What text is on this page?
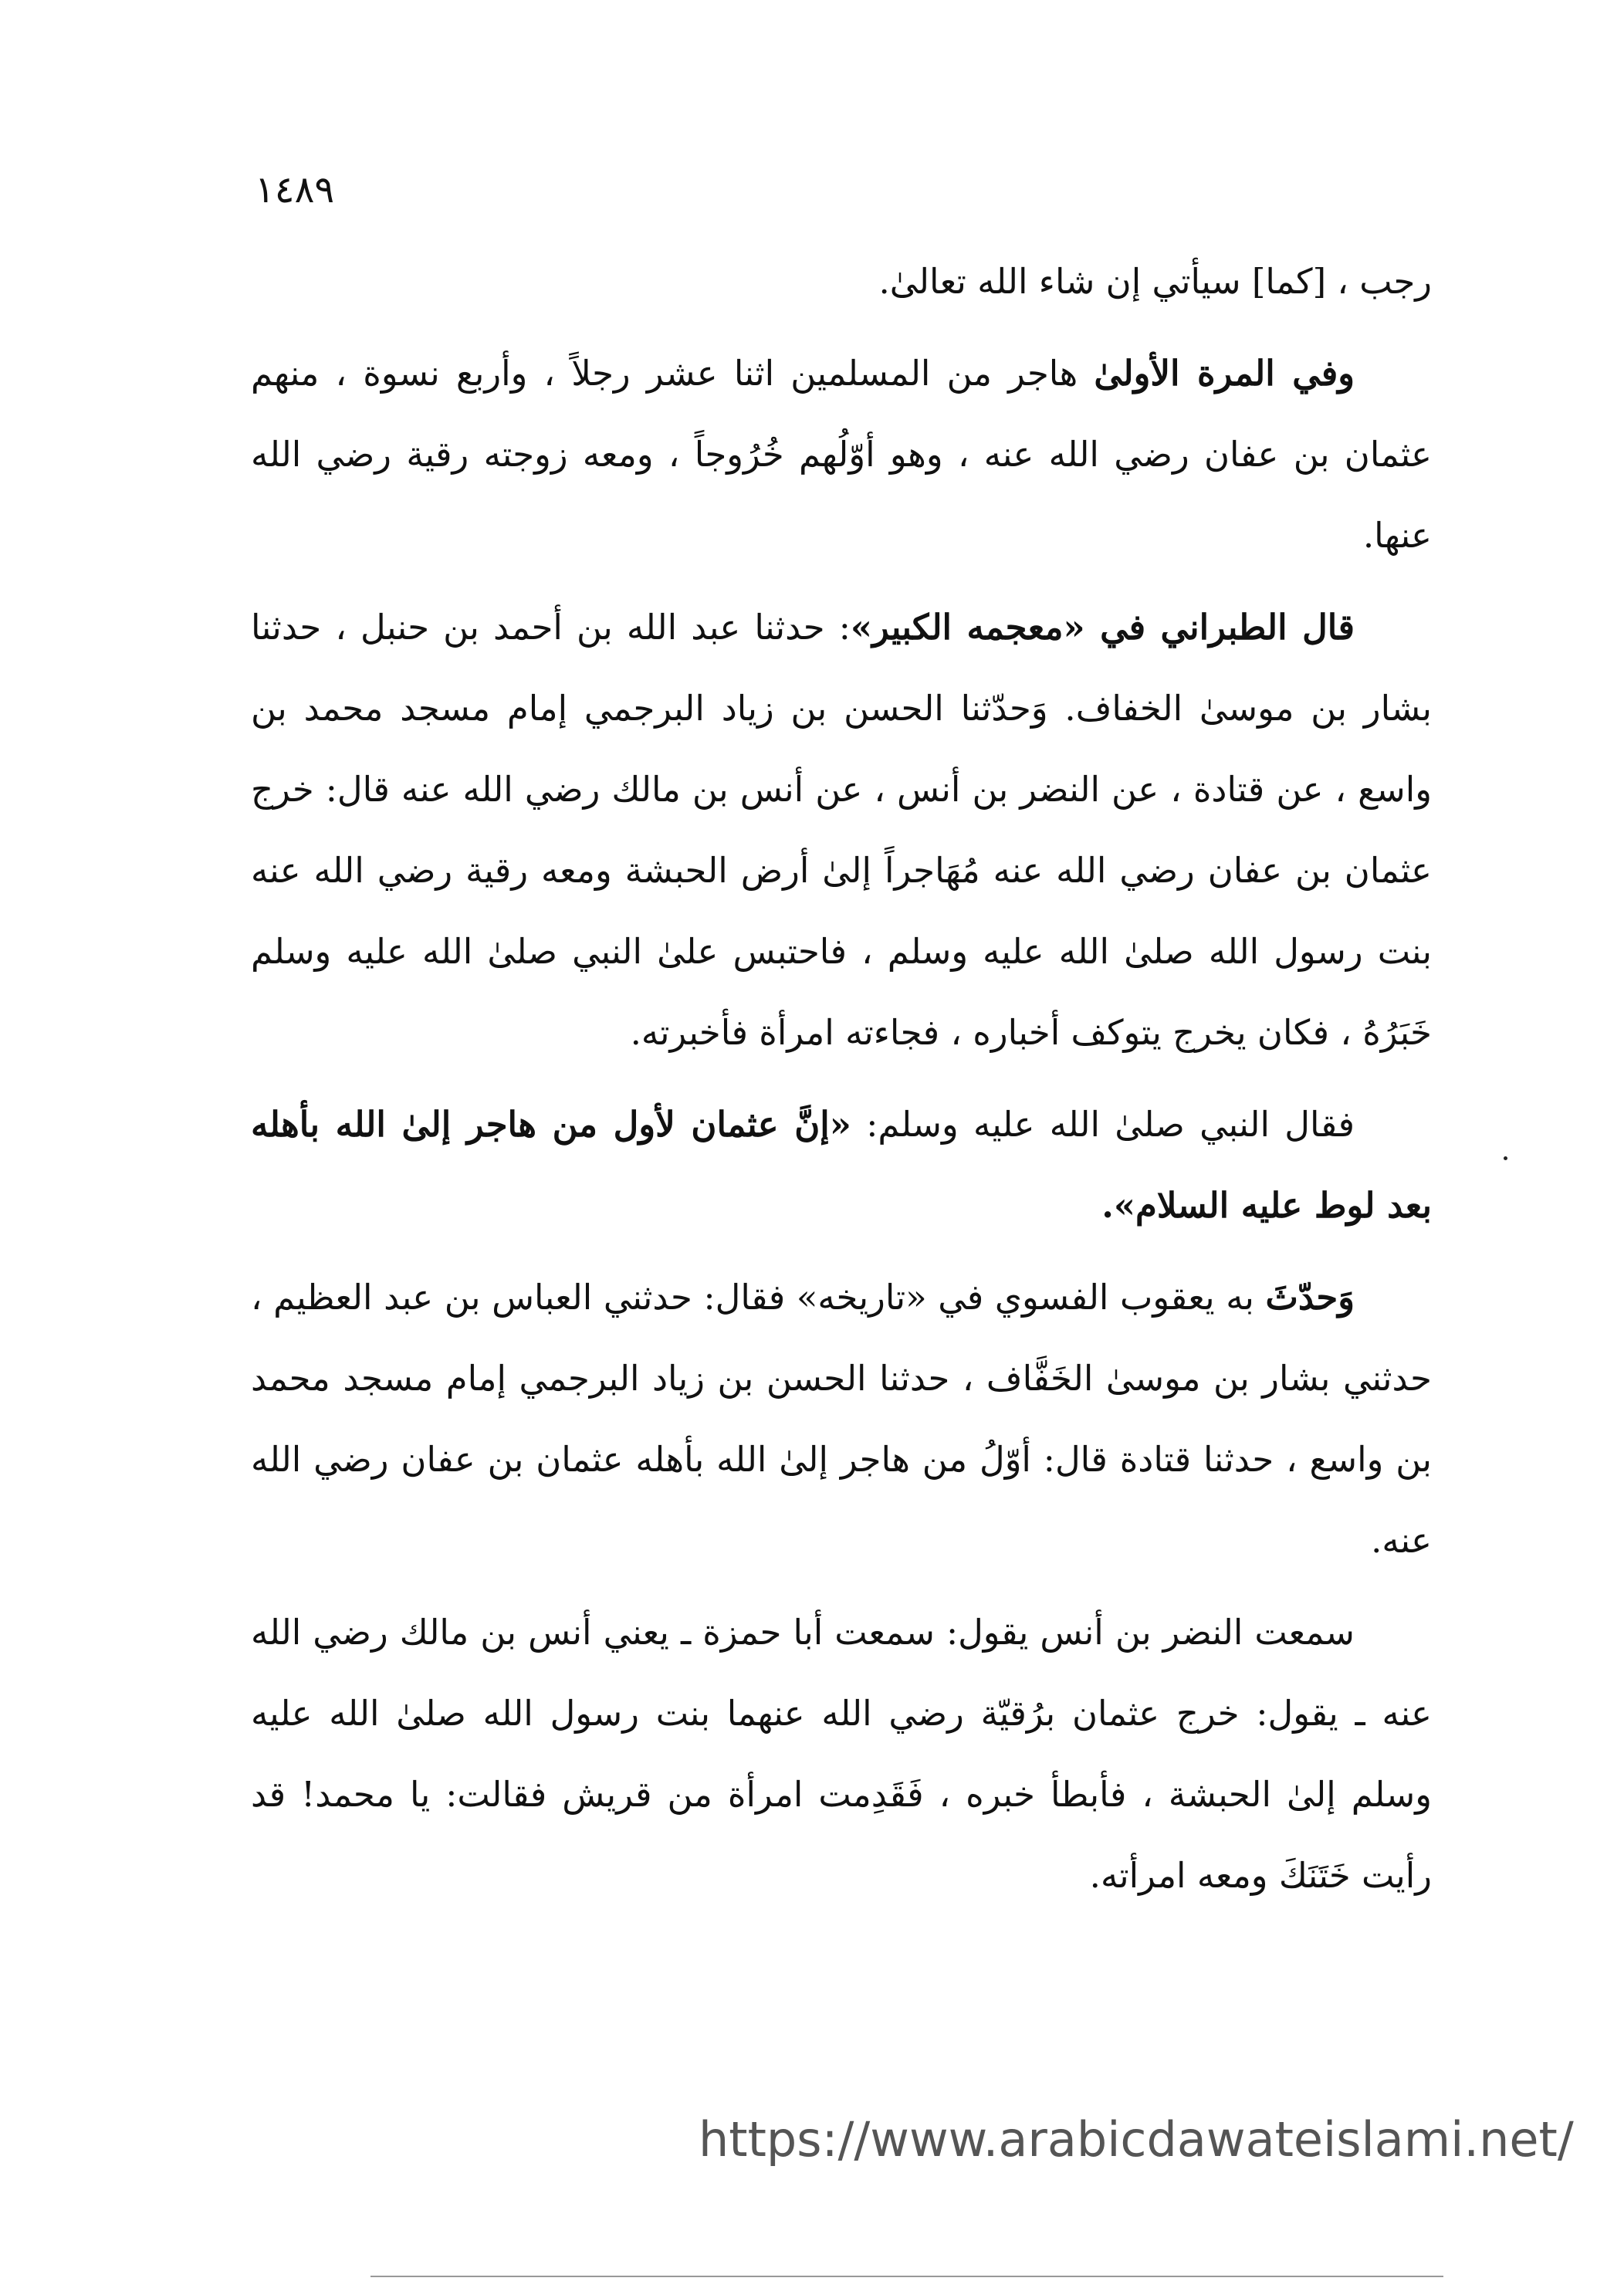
١٤٨٩

رجب ، [كما] سيأتي إن شاء الله تعالىٰ.

وفي المرة الأولىٰ هاجر من المسلمين اثنا عشر رجلاً ، وأربع نسوة ، منهم عثمان بن عفان رضي الله عنه ، وهو أوّلُهم خُرُوجاً ، ومعه زوجته رقية رضي الله عنها.

قال الطبراني في «معجمه الكبير»: حدثنا عبد الله بن أحمد بن حنبل ، حدثنا بشار بن موسىٰ الخفاف. وَحدّثنا الحسن بن زياد البرجمي إمام مسجد محمد بن واسع ، عن قتادة ، عن النضر بن أنس ، عن أنس بن مالك رضي الله عنه قال: خرج عثمان بن عفان رضي الله عنه مُهَاجراً إلىٰ أرض الحبشة ومعه رقية رضي الله عنه بنت رسول الله صلىٰ الله عليه وسلم ، فاحتبس علىٰ النبي صلىٰ الله عليه وسلم خَبَرُهُ ، فكان يخرج يتوكف أخباره ، فجاءته امرأة فأخبرته.

فقال النبي صلىٰ الله عليه وسلم: «إنَّ عثمان لأول من هاجر إلىٰ الله بأهله بعد لوط عليه السلام».

وَحدّثَ به يعقوب الفسوي في «تاريخه» فقال: حدثني العباس بن عبد العظيم ، حدثني بشار بن موسىٰ الخَفَّاف ، حدثنا الحسن بن زياد البرجمي إمام مسجد محمد بن واسع ، حدثنا قتادة قال: أوّلُ من هاجر إلىٰ الله بأهله عثمان بن عفان رضي الله عنه.

سمعت النضر بن أنس يقول: سمعت أبا حمزة ـ يعني أنس بن مالك رضي الله عنه ـ يقول: خرج عثمان برُقيّة رضي الله عنهما بنت رسول الله صلىٰ الله عليه وسلم إلىٰ الحبشة ، فأبطأ خبره ، فَقَدِمت امرأة من قريش فقالت: يا محمد! قد رأيت خَتَنَكَ ومعه امرأته.

https://www.arabicdawateislami.net/
